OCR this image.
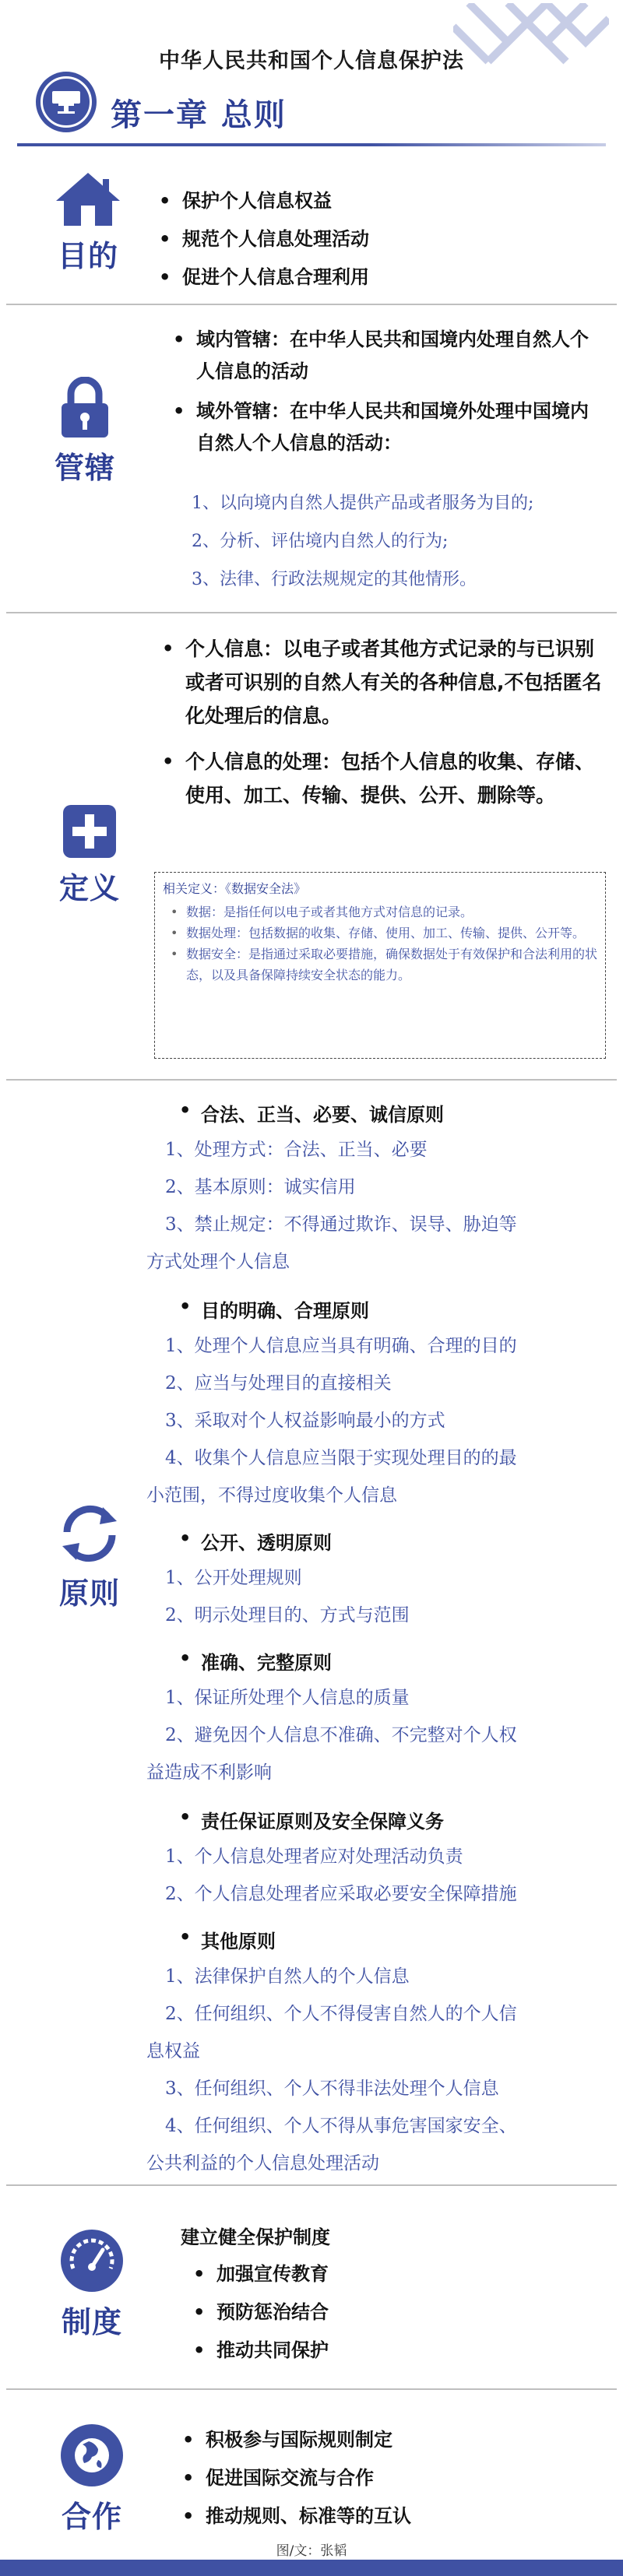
中华人民共和国个人信息保护法
第一章 总则
目的
• 保护个人信息权益
• 规范个人信息处理活动
• 促进个人信息合理利用
管辖
• 域内管辖：在中华人民共和国境内处理自然人个人信息的活动
• 域外管辖：在中华人民共和国境外处理中国境内自然人个人信息的活动：
1、以向境内自然人提供产品或者服务为目的;
2、分析、评估境内自然人的行为;
3、法律、行政法规规定的其他情形。
定义
• 个人信息：以电子或者其他方式记录的与已识别或者可识别的自然人有关的各种信息,不包括匿名化处理后的信息。
• 个人信息的处理：包括个人信息的收集、存储、使用、加工、传输、提供、公开、删除等。
相关定义：《数据安全法》
• 数据：是指任何以电子或者其他方式对信息的记录。
• 数据处理：包括数据的收集、存储、使用、加工、传输、提供、公开等。
• 数据安全：是指通过采取必要措施，确保数据处于有效保护和合法利用的状态，以及具备保障持续安全状态的能力。
原则
• 合法、正当、必要、诚信原则
1、处理方式：合法、正当、必要
2、基本原则：诚实信用
3、禁止规定：不得通过欺诈、误导、胁迫等
方式处理个人信息
• 目的明确、合理原则
1、处理个人信息应当具有明确、合理的目的
2、应当与处理目的直接相关
3、采取对个人权益影响最小的方式
4、收集个人信息应当限于实现处理目的的最
小范围，不得过度收集个人信息
• 公开、透明原则
1、公开处理规则
2、明示处理目的、方式与范围
• 准确、完整原则
1、保证所处理个人信息的质量
2、避免因个人信息不准确、不完整对个人权
益造成不利影响
• 责任保证原则及安全保障义务
1、个人信息处理者应对处理活动负责
2、个人信息处理者应采取必要安全保障措施
• 其他原则
1、法律保护自然人的个人信息
2、任何组织、个人不得侵害自然人的个人信
息权益
3、任何组织、个人不得非法处理个人信息
4、任何组织、个人不得从事危害国家安全、
公共利益的个人信息处理活动
制度
建立健全保护制度
• 加强宣传教育
• 预防惩治结合
• 推动共同保护
合作
• 积极参与国际规则制定
• 促进国际交流与合作
• 推动规则、标准等的互认
图/文：张韬
